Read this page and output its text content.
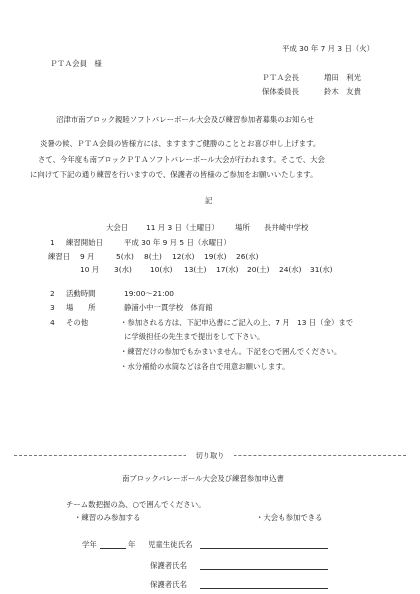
平成 30 年 7 月 3 日（火）
ＰＴＡ会員　様
ＰＴＡ会長	増田　利光
保体委員長	鈴木　友貴
沼津市南ブロック親睦ソフトバレーボール大会及び練習参加者募集のお知らせ
炎暑の候、ＰＴＡ会員の皆様方には、ますますご健勝のこととお喜び申し上げます。
さて、今年度も南ブロックＰＴＡソフトバレーボール大会が行われます。そこで、大会
に向けて下記の通り練習を行いますので、保護者の皆様のご参加をお願いいたします。
記
大会日 11 月 3 日（土曜日） 場所 長井崎中学校
1 練習開始日	平成 30 年 9 月 5 日（水曜日）
練習日 9 月	5(水) 8(土) 12(水) 19(水) 26(水)
10 月 3(水) 10(水) 13(土) 17(水) 20(土) 24(水) 31(水)
2 活動時間	19:00～21:00
3 場　　所	静浦小中一貫学校　体育館
4 その他	・参加される方は、下記申込書にご記入の上、7 月　13 日（金）まで
に学級担任の先生まで提出をして下さい。
・練習だけの参加でもかまいません。下記を○で囲んでください。
・水分補給の水筒などは各自で用意お願いします。
切り取り
南ブロックバレーボール大会及び練習参加申込書
チーム数把握の為、○で囲んでください。
・練習のみ参加する	・大会も参加できる
学年	年 児童生徒氏名
保護者氏名
保護者氏名
